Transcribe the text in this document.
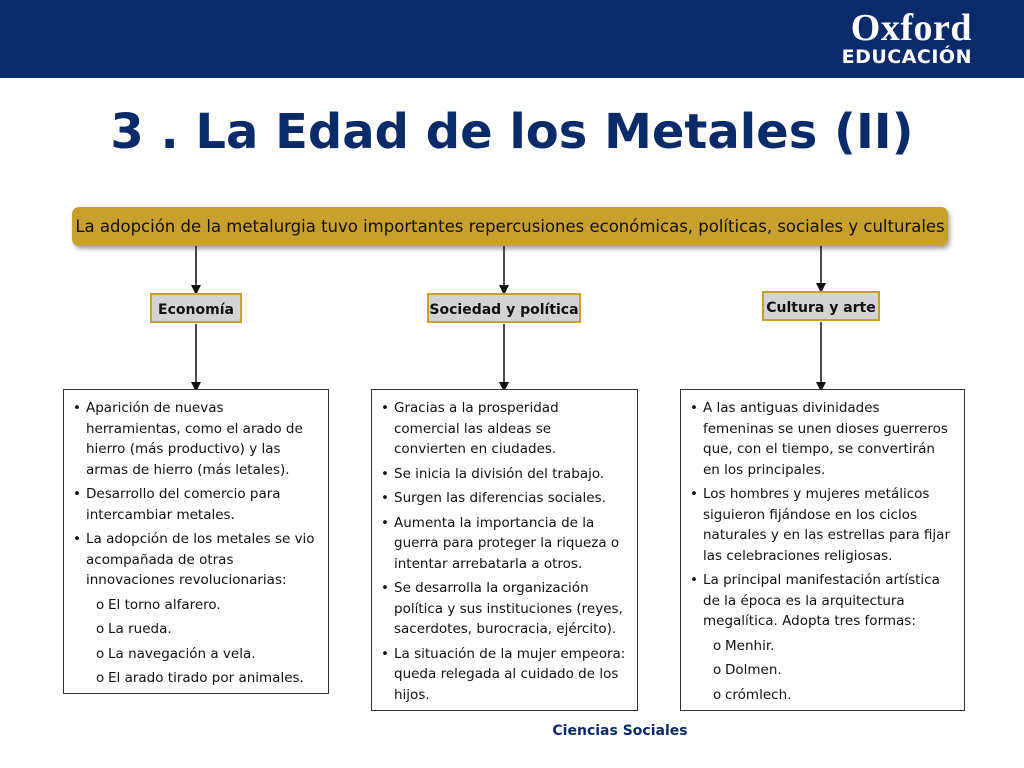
Oxford
EDUCACIÓN
3 . La Edad de los Metales (II)
La adopción de la metalurgia tuvo importantes repercusiones económicas, políticas, sociales y culturales
Economía	Sociedad y política	Cultura y arte
• Aparición de nuevas herramientas, como el arado de hierro (más productivo) y las armas de hierro (más letales).
• Desarrollo del comercio para intercambiar metales.
• La adopción de los metales se vio acompañada de otras innovaciones revolucionarias:
o El torno alfarero.
o La rueda.
o La navegación a vela.
o El arado tirado por animales.
• Gracias a la prosperidad comercial las aldeas se convierten en ciudades.
• Se inicia la división del trabajo.
• Surgen las diferencias sociales.
• Aumenta la importancia de la guerra para proteger la riqueza o intentar arrebatarla a otros.
• Se desarrolla la organización política y sus instituciones (reyes, sacerdotes, burocracia, ejército).
• La situación de la mujer empeora: queda relegada al cuidado de los hijos.
• A las antiguas divinidades femeninas se unen dioses guerreros que, con el tiempo, se convertirán en los principales.
• Los hombres y mujeres metálicos siguieron fijándose en los ciclos naturales y en las estrellas para fijar las celebraciones religiosas.
• La principal manifestación artística de la época es la arquitectura megalítica. Adopta tres formas:
o Menhir.
o Dolmen.
o crómlech.
Ciencias Sociales
